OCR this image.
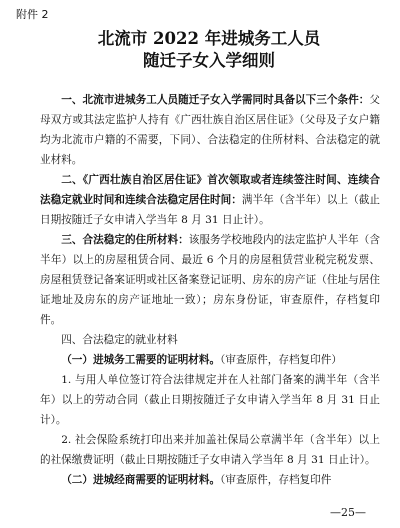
附件 2
北流市 2022 年进城务工人员
随迁子女入学细则

一、北流市进城务工人员随迁子女入学需同时具备以下三个条件：父母双方或其法定监护人持有《广西壮族自治区居住证》（父母及子女户籍均为北流市户籍的不需要，下同）、合法稳定的住所材料、合法稳定的就业材料。

二、《广西壮族自治区居住证》首次领取或者连续签注时间、连续合法稳定就业时间和连续合法稳定居住时间：满半年（含半年）以上（截止日期按随迁子女申请入学当年 8 月 31 日止计）。

三、合法稳定的住所材料：该服务学校地段内的法定监护人半年（含半年）以上的房屋租赁合同、最近 6 个月的房屋租赁营业税完税发票、房屋租赁登记备案证明或社区备案登记证明、房东的房产证（住址与居住证地址及房东的房产证地址一致）；房东身份证，审查原件，存档复印件。

四、合法稳定的就业材料

（一）进城务工需要的证明材料。（审查原件，存档复印件）

1. 与用人单位签订符合法律规定并在人社部门备案的满半年（含半年）以上的劳动合同（截止日期按随迁子女申请入学当年 8 月 31 日止计）。

2. 社会保险系统打印出来并加盖社保局公章满半年（含半年）以上的社保缴费证明（截止日期按随迁子女申请入学当年 8 月 31 日止计）。

（二）进城经商需要的证明材料。（审查原件，存档复印件

—25—
